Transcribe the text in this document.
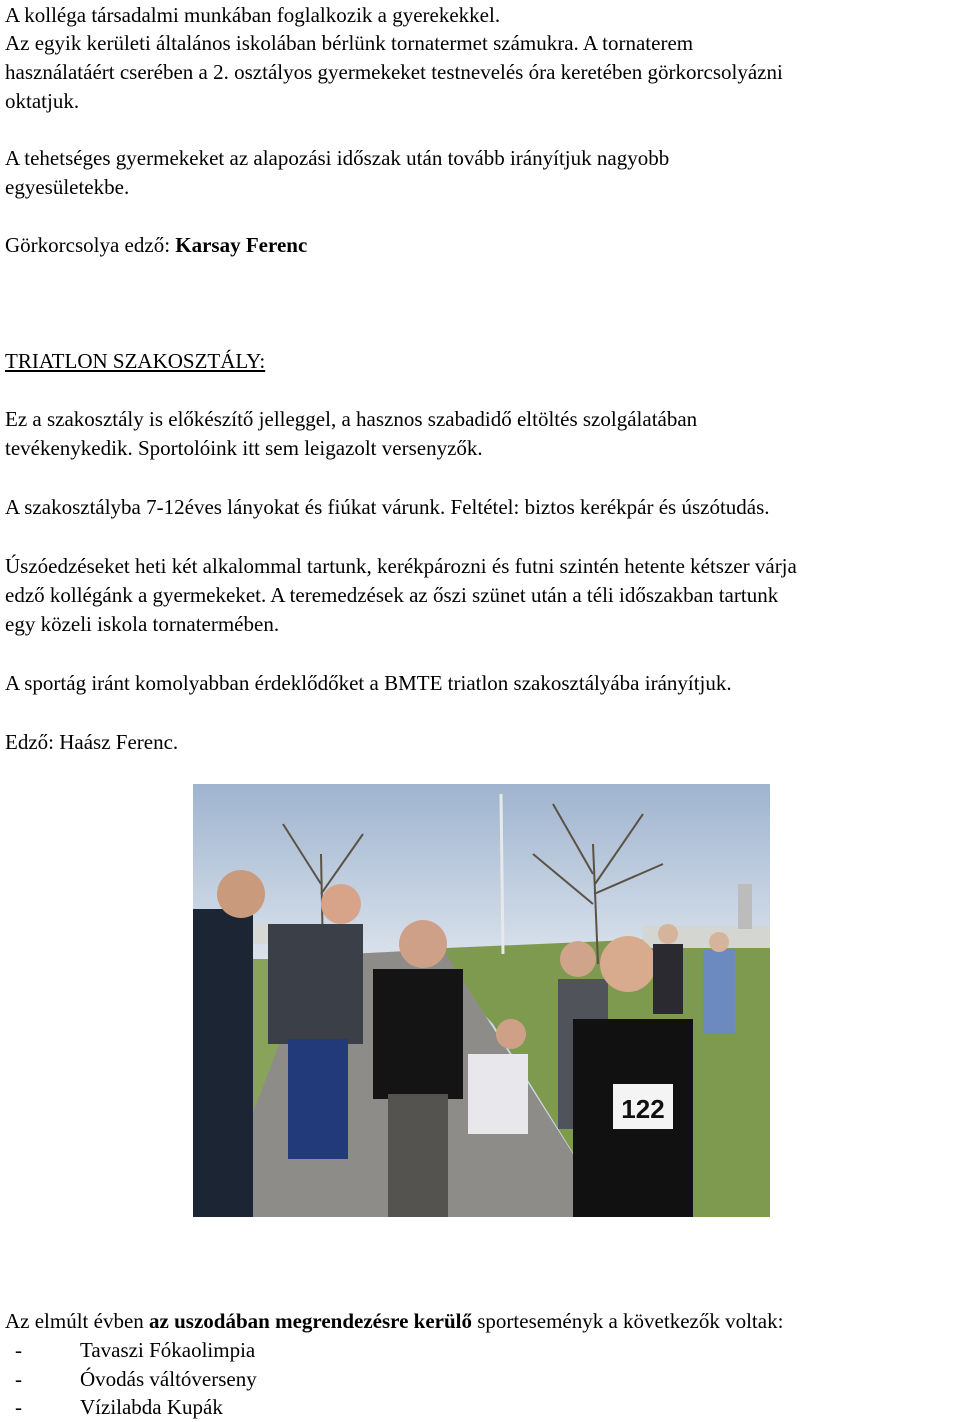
A kolléga társadalmi munkában foglalkozik a gyerekekkel.

Az egyik kerületi általános iskolában bérlünk tornatermet számukra. A tornaterem

használatáért cserében a 2. osztályos gyermekeket testnevelés óra keretében görkorcsolyázni

oktatjuk.

A tehetséges gyermekeket az alapozási időszak után tovább irányítjuk nagyobb

egyesületekbe.

Görkorcsolya edző: Karsay Ferenc

TRIATLON SZAKOSZTÁLY:

Ez a szakosztály is előkészítő jelleggel, a hasznos szabadidő eltöltés szolgálatában

tevékenykedik. Sportolóink itt sem leigazolt versenyzők.

A szakosztályba 7-12éves lányokat és fiúkat várunk. Feltétel: biztos kerékpár és úszótudás.

Úszóedzéseket heti két alkalommal tartunk, kerékpározni és futni szintén hetente kétszer várja

edző kollégánk a gyermekeket. A teremedzések az őszi szünet után a téli időszakban tartunk

egy közeli iskola tornatermében.

A sportág iránt komolyabban érdeklődőket a BMTE triatlon szakosztályába irányítjuk.

Edző: Haász Ferenc.

122

Az elmúlt évben az uszodában megrendezésre kerülő sporteseményk a következők voltak:

-	Tavaszi Fókaolimpia
-	Óvodás váltóverseny
-	Vízilabda Kupák
